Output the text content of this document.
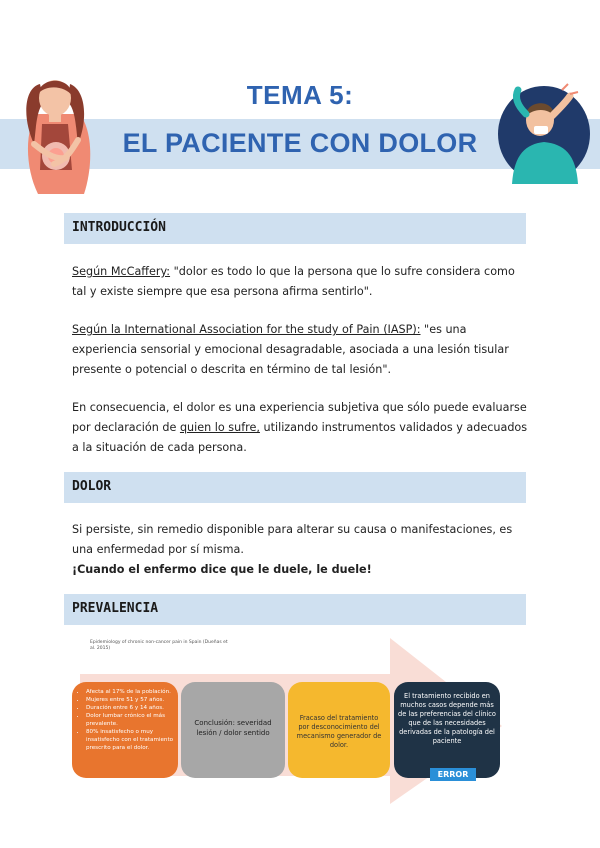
TEMA 5:
EL PACIENTE CON DOLOR
INTRODUCCIÓN
Según McCaffery: "dolor es todo lo que la persona que lo sufre considera como tal y existe siempre que esa persona afirma sentirlo".
Según la International Association for the study of Pain (IASP): "es una experiencia sensorial y emocional desagradable, asociada a una lesión tisular presente o potencial o descrita en término de tal lesión".
En consecuencia, el dolor es una experiencia subjetiva que sólo puede evaluarse por declaración de quien lo sufre, utilizando instrumentos validados y adecuados a la situación de cada persona.
DOLOR
Si persiste, sin remedio disponible para alterar su causa o manifestaciones, es una enfermedad por sí misma.
¡Cuando el enfermo dice que le duele, le duele!
PREVALENCIA
Epidemiology of chronic non-cancer pain in Spain (Dueñas et al. 2015)
• Afecta al 17% de la población.
• Mujeres entre 51 y 57 años.
• Duración entre 6 y 14 años.
• Dolor lumbar crónico el más prevalente.
• 80% insatisfecho o muy insatisfecho con el tratamiento prescrito para el dolor.
Conclusión: severidad lesión / dolor sentido
Fracaso del tratamiento por desconocimiento del mecanismo generador de dolor.
El tratamiento recibido en muchos casos depende más de las preferencias del clínico que de las necesidades derivadas de la patología del paciente
ERROR
